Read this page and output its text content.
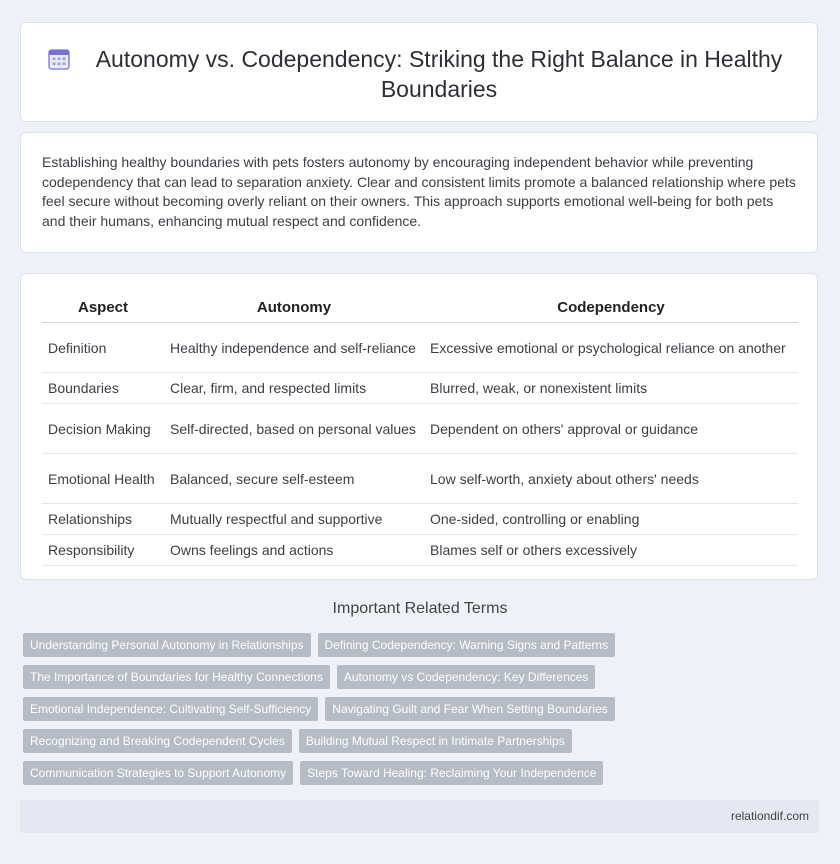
Autonomy vs. Codependency: Striking the Right Balance in Healthy Boundaries

Establishing healthy boundaries with pets fosters autonomy by encouraging independent behavior while preventing codependency that can lead to separation anxiety. Clear and consistent limits promote a balanced relationship where pets feel secure without becoming overly reliant on their owners. This approach supports emotional well-being for both pets and their humans, enhancing mutual respect and confidence.

Aspect	Autonomy	Codependency
Definition	Healthy independence and self-reliance	Excessive emotional or psychological reliance on another
Boundaries	Clear, firm, and respected limits	Blurred, weak, or nonexistent limits
Decision Making	Self-directed, based on personal values	Dependent on others' approval or guidance
Emotional Health	Balanced, secure self-esteem	Low self-worth, anxiety about others' needs
Relationships	Mutually respectful and supportive	One-sided, controlling or enabling
Responsibility	Owns feelings and actions	Blames self or others excessively
Important Related Terms
Understanding Personal Autonomy in Relationships	Defining Codependency: Warning Signs and Patterns
The Importance of Boundaries for Healthy Connections	Autonomy vs Codependency: Key Differences
Emotional Independence: Cultivating Self-Sufficiency	Navigating Guilt and Fear When Setting Boundaries
Recognizing and Breaking Codependent Cycles	Building Mutual Respect in Intimate Partnerships
Communication Strategies to Support Autonomy	Steps Toward Healing: Reclaiming Your Independence
relationdif.com
